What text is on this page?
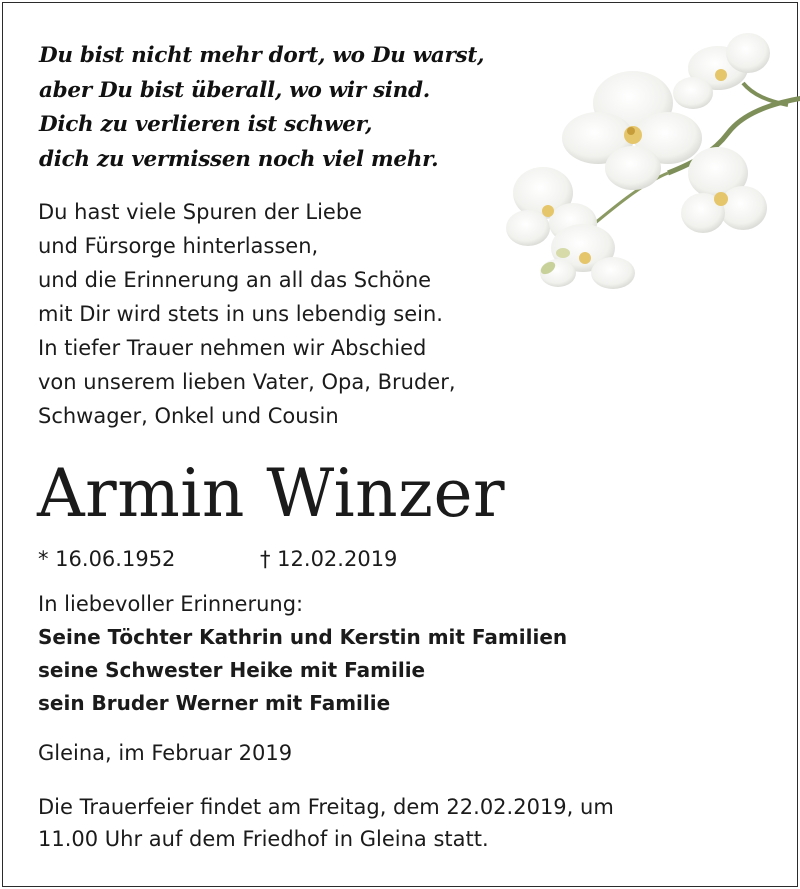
Du bist nicht mehr dort, wo Du warst,
aber Du bist überall, wo wir sind.
Dich zu verlieren ist schwer,
dich zu vermissen noch viel mehr.
Du hast viele Spuren der Liebe
und Fürsorge hinterlassen,
und die Erinnerung an all das Schöne
mit Dir wird stets in uns lebendig sein.
In tiefer Trauer nehmen wir Abschied
von unserem lieben Vater, Opa, Bruder,
Schwager, Onkel und Cousin
Armin Winzer
* 16.06.1952	† 12.02.2019
In liebevoller Erinnerung:
Seine Töchter Kathrin und Kerstin mit Familien
seine Schwester Heike mit Familie
sein Bruder Werner mit Familie
Gleina, im Februar 2019
Die Trauerfeier findet am Freitag, dem 22.02.2019, um
11.00 Uhr auf dem Friedhof in Gleina statt.
